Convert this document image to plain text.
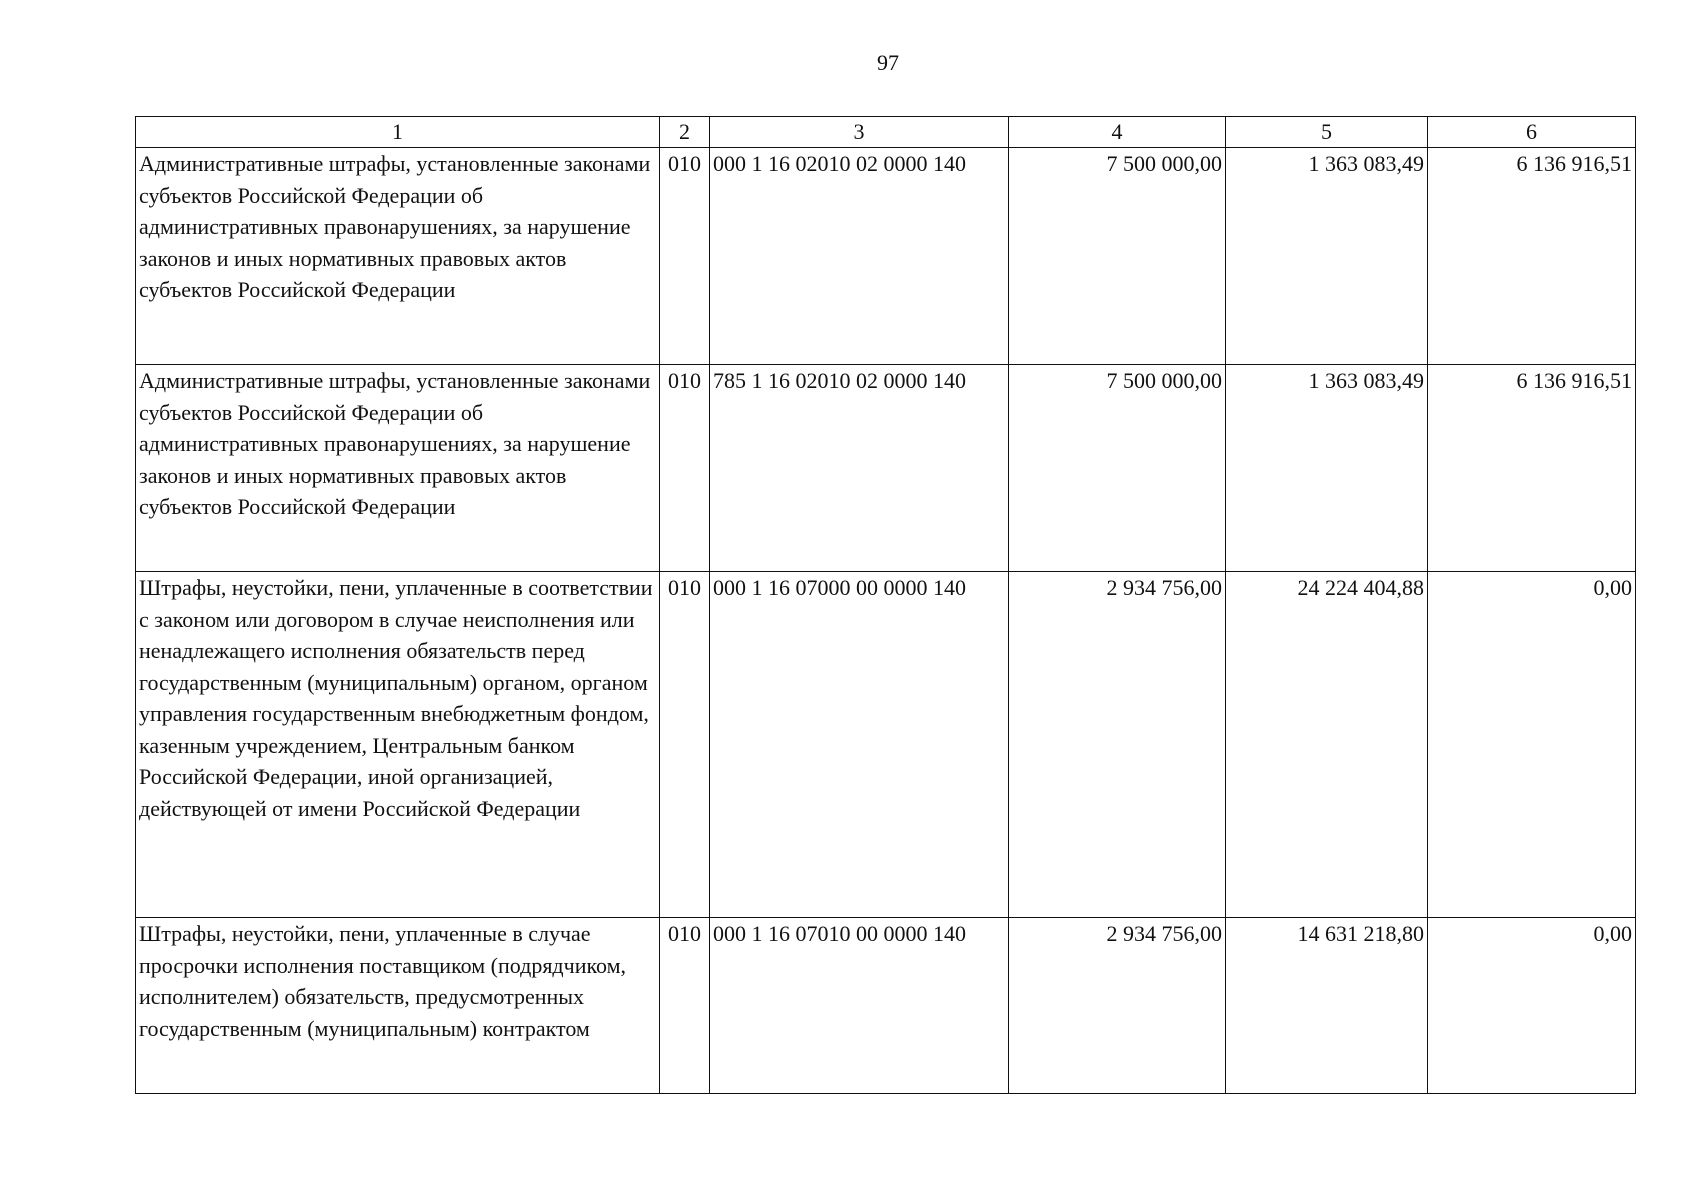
97
1	2	3	4	5	6
Административные штрафы, установленные законами субъектов Российской Федерации об административных правонарушениях, за нарушение законов и иных нормативных правовых актов субъектов Российской Федерации	010	000 1 16 02010 02 0000 140	7 500 000,00	1 363 083,49	6 136 916,51
Административные штрафы, установленные законами субъектов Российской Федерации об административных правонарушениях, за нарушение законов и иных нормативных правовых актов субъектов Российской Федерации	010	785 1 16 02010 02 0000 140	7 500 000,00	1 363 083,49	6 136 916,51
Штрафы, неустойки, пени, уплаченные в соответствии с законом или договором в случае неисполнения или ненадлежащего исполнения обязательств перед государственным (муниципальным) органом, органом управления государственным внебюджетным фондом, казенным учреждением, Центральным банком Российской Федерации, иной организацией, действующей от имени Российской Федерации	010	000 1 16 07000 00 0000 140	2 934 756,00	24 224 404,88	0,00
Штрафы, неустойки, пени, уплаченные в случае просрочки исполнения поставщиком (подрядчиком, исполнителем) обязательств, предусмотренных государственным (муниципальным) контрактом	010	000 1 16 07010 00 0000 140	2 934 756,00	14 631 218,80	0,00
